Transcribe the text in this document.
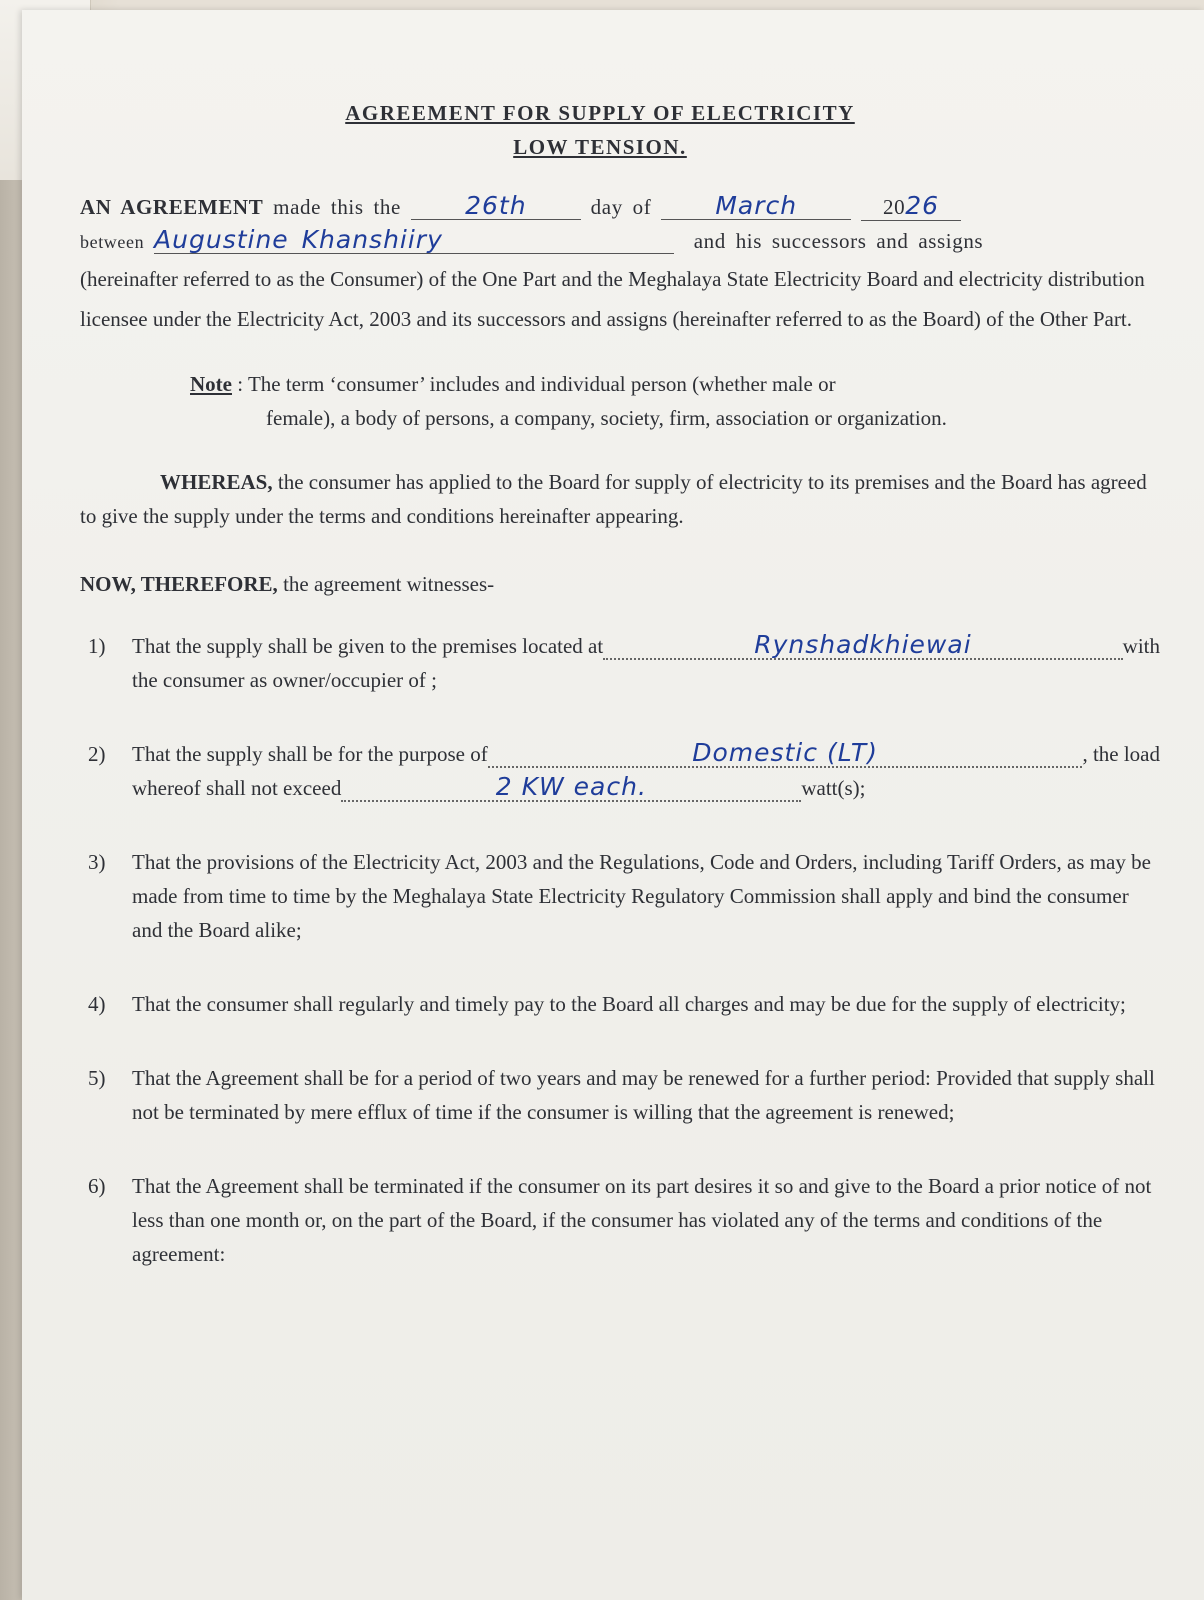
AGREEMENT FOR SUPPLY OF ELECTRICITY
LOW TENSION.
AN AGREEMENT
made this the
	26th
	day of
	March
	2026
between
Augustine Khanshiiry
	and his successors and assigns

(hereinafter referred to as the Consumer) of the One Part and the Meghalaya State Electricity Board and electricity distribution licensee under the Electricity Act, 2003 and its successors and assigns (hereinafter referred to as the Board) of the Other Part.

Note : The term ‘consumer’ includes and individual person (whether male or
female), a body of persons, a company, society, firm, association or organization.

WHEREAS, the consumer has applied to the Board for supply of electricity to its premises and the Board has agreed to give the supply under the terms and conditions hereinafter appearing.

NOW, THEREFORE, the agreement witnesses-

1)	That the supply shall be given to the premises located at	Rynshadkhiewai	with
the consumer as owner/occupier of ;
2)	That the supply shall be for the purpose of	Domestic (LT)	, the load
whereof shall not exceed	2 KW each.	watt(s);
3)	That the provisions of the Electricity Act, 2003 and the Regulations, Code and Orders, including Tariff Orders, as may be made from time to time by the Meghalaya State Electricity Regulatory Commission shall apply and bind the consumer and the Board alike;
4)	That the consumer shall regularly and timely pay to the Board all charges and may be due for the supply of electricity;
5)	That the Agreement shall be for a period of two years and may be renewed for a further period: Provided that supply shall not be terminated by mere efflux of time if the consumer is willing that the agreement is renewed;
6)	That the Agreement shall be terminated if the consumer on its part desires it so and give to the Board a prior notice of not less than one month or, on the part of the Board, if the consumer has violated any of the terms and conditions of the agreement:
